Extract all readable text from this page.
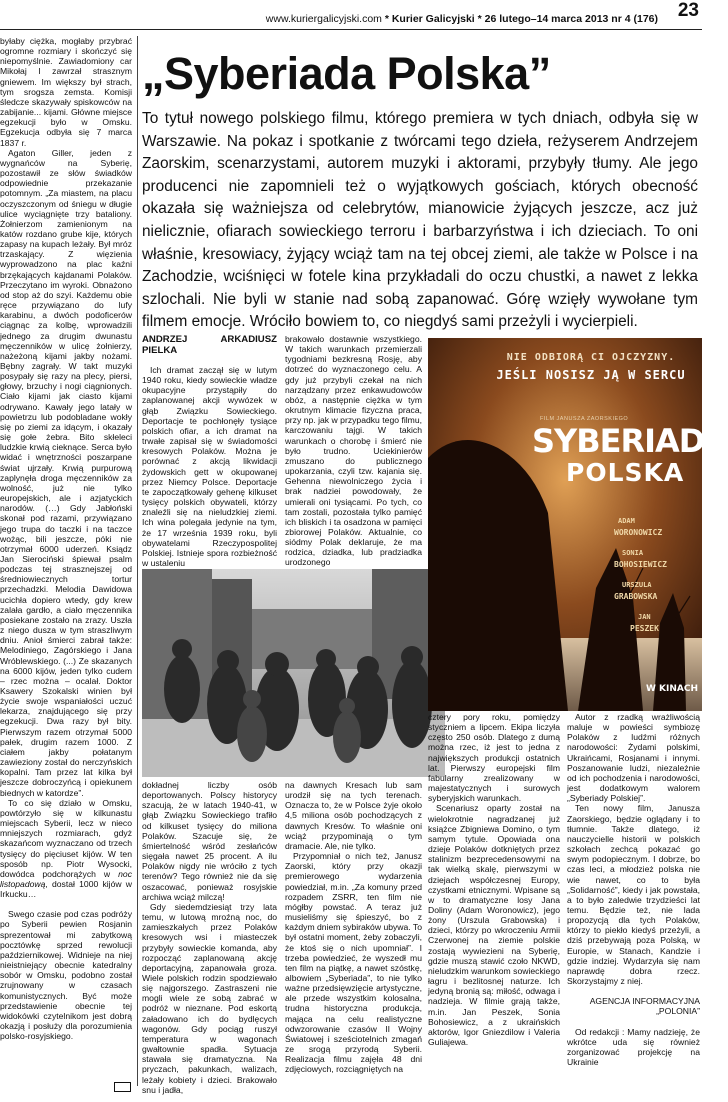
www.kuriergalicyjski.com * Kurier Galicyjski * 26 lutego–14 marca 2013 nr 4 (176) 23
„Syberiada Polska”

To tytuł nowego polskiego filmu, którego premiera w tych dniach, odbyła się w Warszawie. Na pokaz i spotkanie z twórcami tego dzieła, reżyserem Andrzejem Zaorskim, scenarzystami, autorem muzyki i aktorami, przybyły tłumy. Ale jego producenci nie zapomnieli też o wyjątkowych gościach, których obecność okazała się ważniejsza od celebrytów, mianowicie żyjących jeszcze, acz już nielicznie, ofiarach sowieckiego terroru i barbarzyństwa i ich dzieciach. To oni właśnie, kresowiacy, żyjący wciąż tam na tej obcej ziemi, ale także w Polsce i na Zachodzie, wciśnięci w fotele kina przykładali do oczu chustki, a nawet z lekka szlochali. Nie byli w stanie nad sobą zapanować. Górę wzięły wywołane tym filmem emocje. Wróciło bowiem to, co niegdyś sami przeżyli i wycierpieli.

byłaby ciężka, mogłaby przybrać ogromne rozmiary i skończyć się niepomyślnie. Zawiadomiony car Mikołaj I zawrzał strasznym gniewem. Im większy był strach, tym srogsza zemsta. Komisji śledcze skazywały spiskowców na zabijanie... kijami. Główne miejsce egzekucji było w Omsku. Egzekucja odbyła się 7 marca 1837 r.

Agaton Giller, jeden z wygnańców na Syberię, pozostawił ze słów świadków odpowiednie przekazanie potomnym. „Za miastem, na placu oczyszczonym od śniegu w długie ulice wyciągnięte trzy bataliony. Żołnierzom zamienionym na katów rozdano grube kije, których zapasy na kupach leżały. Był mróz trzaskający. Z więzienia wyprowadzono na plac kaźni brzękających kajdanami Polaków. Przeczytano im wyroki. Obnażono od stop aż do szyi. Każdemu obie ręce przywiązano do lufy karabinu, a dwóch podoficerów ciągnąc za kolbę, wprowadzili jednego za drugim dwunastu męczenników w ulicę żołnierzy, nażeżoną kijami jakby nożami. Bębny zagrały. W takt muzyki posypały się razy na plecy, piersi, głowy, brzuchy i nogi ciągnionych. Ciało kijami jak ciasto kijami odrywano. Kawały jego latały w powietrzu lub podobladane wokły się po ziemi za idącym, i okazały się gołe żebra. Bito skłeleci ludzkie krwią cieknące. Serca było widać i wnętrzności poszarpane świat ujrzały. Krwią purpurową zaplynęła droga męczenników za wolność, już nie tylko europejskich, ale i azjatyckich narodów. (…) Gdy Jabłoński skonał pod razami, przywiązano jego trupa do taczki i na taczce wożąc, bili jeszcze, póki nie otrzymał 6000 uderzeń. Ksiądz Jan Sierociński śpiewał psalm podczas tej strasznejszej od średniowiecznych tortur przechadzki. Melodia Dawidowa ucichła dopiero wtedy, gdy krew zalała gardło, a ciało męczennika posiekane zostało na zrazy. Uszła z niego dusza w tym straszliwym dniu. Anioł śmierci zabrał także: Melodiniego, Zagórskiego i Jana Wróblewskiego. (...) Ze skazanych na 6000 kijów, jeden tylko cudem – rzec można – ocalał. Doktor Ksawery Szokalski winien był życie swoje wspaniałości uczuć lekarza, znajdującego się przy egzekucji. Dwa razy był bity. Pierwszym razem otrzymał 5000 pałek, drugim razem 1000. Z ciałem jakby połatanym zawieziony został do nerczyńskich kopalni. Tam przez lat kilka był jeszcze dobroczyńcą i opiekunem biednych w katordze”.

To co się działo w Omsku, powtórzyło się w kilkunastu miejscach Syberii, lecz w nieco mniejszych rozmiarach, gdyż skazańcom wyznaczano od trzech tysięcy do pięciuset kijów. W ten sposób np. Piotr Wysocki, dowódca podchorążych w noc listopadową, dostał 1000 kijów w Irkucku…

Swego czasie pod czas podróży po Syberii pewien Rosjanin sprezentował mi zabytkową pocztówkę sprzed rewolucji październikowej. Widnieje na niej nieistniejący obecnie katedralny sobór w Omsku, podobno został zrujnowany w czasach komunistycznych. Być może przedstawienie obecnie tej widokówki czytelnikom jest dobrą okazją i posłuży dla porozumienia polsko-rosyjskiego.

ANDRZEJ ARKADIUSZ PIELKA

Ich dramat zaczął się w lutym 1940 roku, kiedy sowieckie władze okupacyjne przystąpiły do zaplanowanej akcji wywózek w głąb Związku Sowieckiego. Deportacje te pochłonęły tysiące polskich ofiar, a ich dramat na trwałe zapisał się w świadomości kresowych Polaków. Można je porównać z akcją likwidacji żydowskich gett w okupowanej przez Niemcy Polsce. Deportacje te zapoczątkowały gehenę kilkuset tysięcy polskich obywateli, którzy znaleźli się na nieludzkiej ziemi. Ich wina polegała jedynie na tym, że 17 września 1939 roku, byli obywatelami Rzeczypospolitej Polskiej. Istnieje spora rozbieżność w ustaleniu

brakowało dostawnie wszystkiego. W takich warunkach przemierzali tygodniami bezkresną Rosję, aby dotrzeć do wyznaczonego celu. A gdy już przybyli czekał na nich narządzany przez enkawudowców obóz, a następnie ciężka w tym okrutnym klimacie fizyczna praca, przy np. jak w przypadku tego filmu, karczowaniu tajgi. W takich warunkach o chorobę i śmierć nie było trudno. Uciekinierów zmuszano do publicznego upokarzania, czyli tzw. kajania się. Gehenna niewolniczego życia i brak nadziei powodowały, że umierali oni tysiącami. Po tych, co tam zostali, pozostała tylko pamięć ich bliskich i ta osadzona w pamięci zbiorowej Polaków. Aktualnie, co siódmy Polak deklaruje, że ma rodzica, dziadka, lub pradziadka urodzonego

NIE ODBIORĄ CI OJCZYZNY.
JEŚLI NOSISZ JĄ W SERCU
FILM JANUSZA ZAORSKIEGO
SYBERIADA
POLSKA
ADAM
WORONOWICZ
SONIA
BOHOSIEWICZ
URSZULA
GRABOWSKA
JAN
PESZEK
W KINACH

dokładnej liczby osób deportowanych. Polscy historycy szacują, że w latach 1940-41, w głąb Związku Sowieckiego trafiło od kilkuset tysięcy do miliona Polaków. Szacuje się, że śmiertelność wśród zesłańców sięgała nawet 25 procent. A ilu Polaków nigdy nie wróciło z tych terenów? Tego również nie da się oszacować, ponieważ rosyjskie archiwa wciąż milczą!

Gdy siedemdziesiąt trzy lata temu, w lutową mroźną noc, do zamieszkałych przez Polaków kresowych wsi i miasteczek przybyły sowieckie komanda, aby rozpocząć zaplanowaną akcję deportacyjną, zapanowała groza. Wiele polskich rodzin spodziewało się najgorszego. Zastraszeni nie mogli wiele ze sobą zabrać w podróż w nieznane. Pod eskortą załadowano ich do bydlęcych wagonów. Gdy pociąg ruszył temperatura w wagonach gwałtownie spadła. Sytuacja stawała się dramatyczna. Na pryczach, pakunkach, walizach, leżały kobiety i dzieci. Brakowało snu i jadła,

na dawnych Kresach lub sam urodził się na tych terenach. Oznacza to, że w Polsce żyje około 4,5 miliona osób pochodzących z dawnych Kresów. To właśnie oni wciąż przypominają o tym dramacie. Ale, nie tylko.

Przypomniał o nich też, Janusz Zaorski, który przy okazji premierowego wydarzenia powiedział, m.in. „Za komuny przed rozpadem ZSRR, ten film nie mógłby powstać. A teraz już musieliśmy się śpieszyć, bo z każdym dniem sybiraków ubywa. To był ostatni moment, żeby zobaczyli, że ktoś się o nich upomniał”. I trzeba powiedzieć, że wyszedł mu ten film na piątkę, a nawet szóstkę, albowiem „Syberiada”, to nie tylko ważne przedsięwzięcie artystyczne, ale przede wszystkim kolosalna, trudna historyczna produkcja, mająca na celu realistyczne odwzorowanie czasów II Wojny Światowej i sześciotelnich zmagań ze srogą przyrodą Syberii. Realizacja filmu zajęła 48 dni zdjęciowych, rozciągniętych na

cztery pory roku, pomiędzy styczniem a lipcem. Ekipa liczyła często 250 osób. Dlatego z dumą można rzec, iż jest to jedna z największych produkcji ostatnich lat. Pierwszy europejski film fabularny zrealizowany w majestatycznych i surowych syberyjskich warunkach.

Scenariusz oparty został na wielokrotnie nagradzanej już książce Zbigniewa Domino, o tym samym tytule. Opowiada ona dzieje Polaków dotkniętych przez stalinizm bezprecedensowymi na tak wielką skalę, pierwszymi w dziejach współczesnej Europy, czystkami etnicznymi. Wpisane są w to dramatyczne losy Jana Doliny (Adam Woronowicz), jego żony (Urszula Grabowska) i dzieci, którzy po wkroczeniu Armii Czerwonej na ziemie polskie zostają wywiezieni na Syberię, gdzie muszą stawić czoło NKWD, nieludzkim warunkom sowieckiego łagru i bezlitosnej naturze. Ich jedyną bronią są: miłość, odwaga i nadzieja. W filmie grają także, m.in. Jan Peszek, Sonia Bohosiewicz, a z ukraińskich aktorów, Igor Gniezdilow i Valeria Guliajewa.

Autor z rzadką wrażliwością maluje w powieści symbiozę Polaków z ludźmi różnych narodowości: Żydami polskimi, Ukraińcami, Rosjanami i innymi. Poszanowanie ludzi, niezależnie od ich pochodzenia i narodowości, jest dodatkowym walorem „Syberiady Polskiej”.

Ten nowy film, Janusza Zaorskiego, będzie oglądany i to tłumnie. Także dlatego, iż nauczycielle historii w polskich szkołach zechcą pokazać go swym podopiecznym. I dobrze, bo czas leci, a młodzież polska nie wie nawet, co to była „Solidarność”, kiedy i jak powstała, a to było zaledwie trzydzieści lat temu. Będzie też, nie lada propozycją dla tych Polaków, którzy to piekło kiedyś przeżyli, a dziś przebywają poza Polską, w Europie, w Stanach, Kandzie i gdzie indziej. Wydarzyła się nam naprawdę dobra rzecz. Skorzystajmy z niej.

AGENCJA INFORMACYJNA „POLONIA”

Od redakcji : Mamy nadzieję, że wkrótce uda się również zorganizować projekcję na Ukrainie
